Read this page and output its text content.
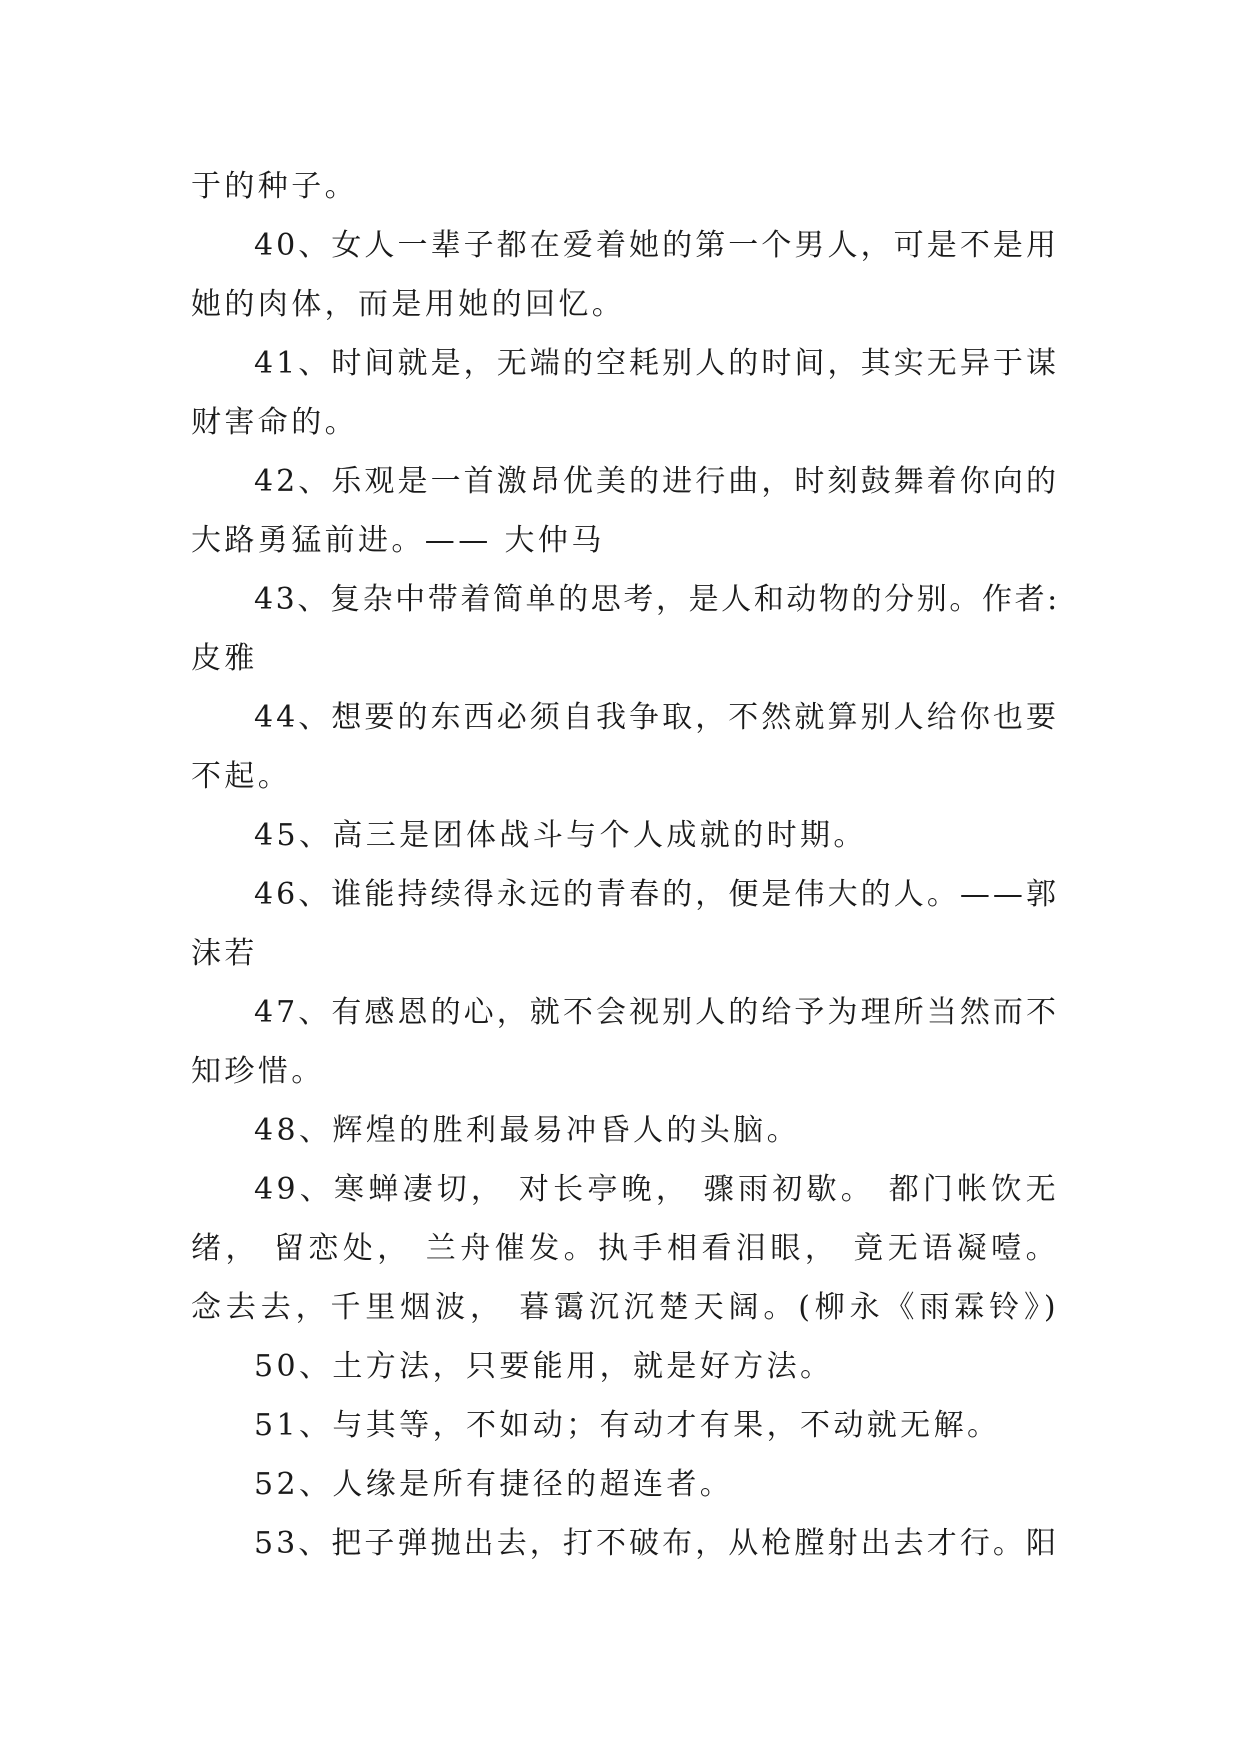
于的种子。
40、女人一辈子都在爱着她的第一个男人，可是不是用
她的肉体，而是用她的回忆。
41、时间就是，无端的空耗别人的时间，其实无异于谋
财害命的。
42、乐观是一首激昂优美的进行曲，时刻鼓舞着你向的
大路勇猛前进。—— 大仲马
43、复杂中带着简单的思考，是人和动物的分别。作者:
皮雅
44、想要的东西必须自我争取，不然就算别人给你也要
不起。
45、高三是团体战斗与个人成就的时期。
46、谁能持续得永远的青春的，便是伟大的人。——郭
沫若
47、有感恩的心，就不会视别人的给予为理所当然而不
知珍惜。
48、辉煌的胜利最易冲昏人的头脑。
49、寒蝉凄切， 对长亭晚， 骤雨初歇。 都门帐饮无
绪， 留恋处， 兰舟催发。执手相看泪眼， 竟无语凝噎。
念去去，千里烟波， 暮霭沉沉楚天阔。(柳永《雨霖铃》)
50、土方法，只要能用，就是好方法。
51、与其等，不如动；有动才有果，不动就无解。
52、人缘是所有捷径的超连者。
53、把子弹抛出去，打不破布，从枪膛射出去才行。阳
